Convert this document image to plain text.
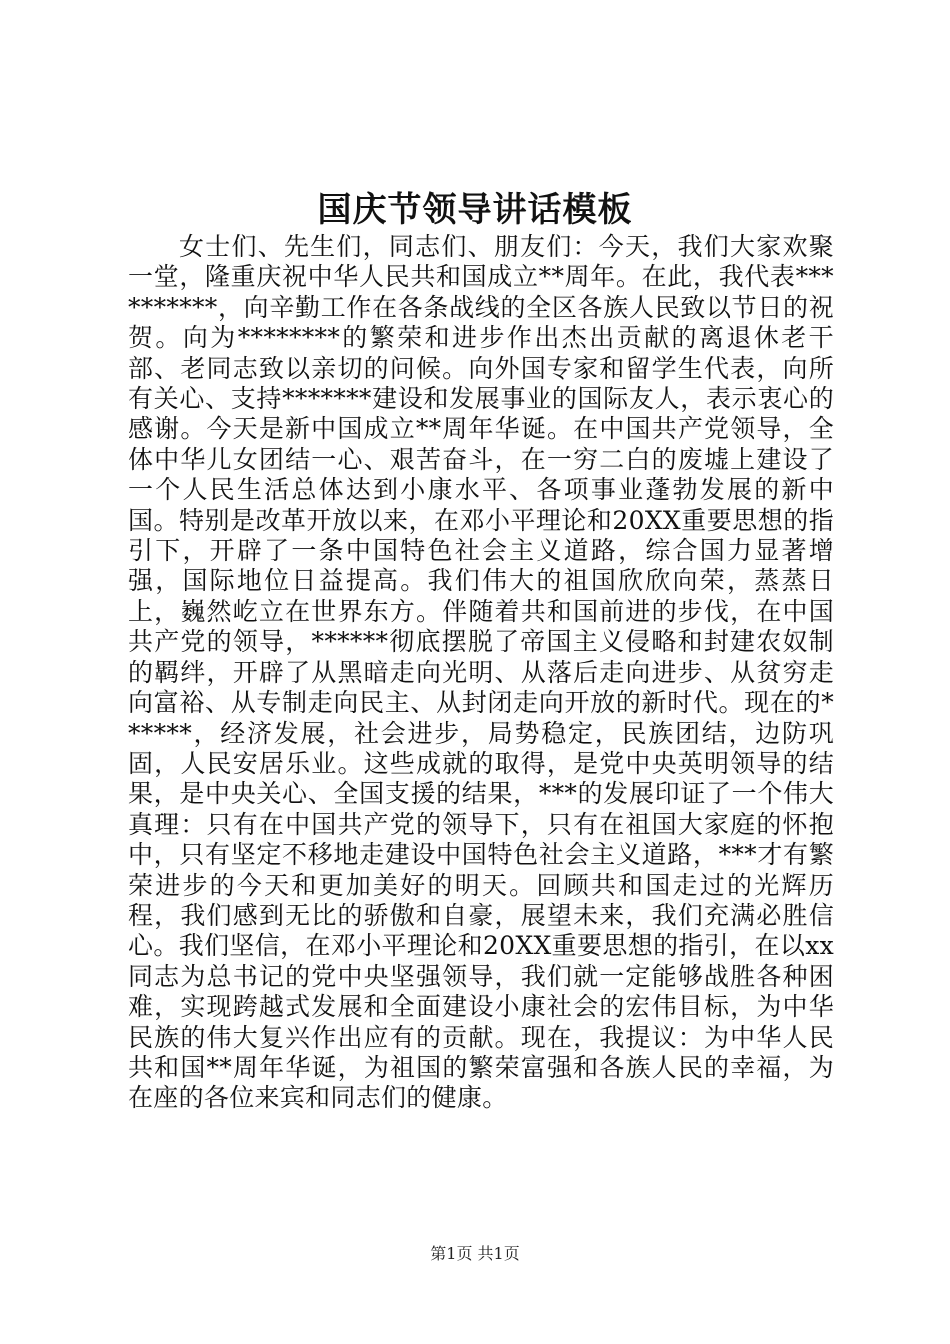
国庆节领导讲话模板

女士们、先生们，同志们、朋友们：今天，我们大家欢聚一堂，隆重庆祝中华人民共和国成立**周年。在此，我代表**********，向辛勤工作在各条战线的全区各族人民致以节日的祝贺。向为********的繁荣和进步作出杰出贡献的离退休老干部、老同志致以亲切的问候。向外国专家和留学生代表，向所有关心、支持*******建设和发展事业的国际友人，表示衷心的感谢。今天是新中国成立**周年华诞。在中国共产党领导，全体中华儿女团结一心、艰苦奋斗，在一穷二白的废墟上建设了一个人民生活总体达到小康水平、各项事业蓬勃发展的新中国。特别是改革开放以来，在邓小平理论和20XX重要思想的指引下，开辟了一条中国特色社会主义道路，综合国力显著增强，国际地位日益提高。我们伟大的祖国欣欣向荣，蒸蒸日上，巍然屹立在世界东方。伴随着共和国前进的步伐，在中国共产党的领导，******彻底摆脱了帝国主义侵略和封建农奴制的羁绊，开辟了从黑暗走向光明、从落后走向进步、从贫穷走向富裕、从专制走向民主、从封闭走向开放的新时代。现在的******，经济发展，社会进步，局势稳定，民族团结，边防巩固，人民安居乐业。这些成就的取得，是党中央英明领导的结果，是中央关心、全国支援的结果，***的发展印证了一个伟大真理：只有在中国共产党的领导下，只有在祖国大家庭的怀抱中，只有坚定不移地走建设中国特色社会主义道路，***才有繁荣进步的今天和更加美好的明天。回顾共和国走过的光辉历程，我们感到无比的骄傲和自豪，展望未来，我们充满必胜信心。我们坚信，在邓小平理论和20XX重要思想的指引，在以xx同志为总书记的党中央坚强领导，我们就一定能够战胜各种困难，实现跨越式发展和全面建设小康社会的宏伟目标，为中华民族的伟大复兴作出应有的贡献。现在，我提议：为中华人民共和国**周年华诞，为祖国的繁荣富强和各族人民的幸福，为在座的各位来宾和同志们的健康。

第1页 共1页
